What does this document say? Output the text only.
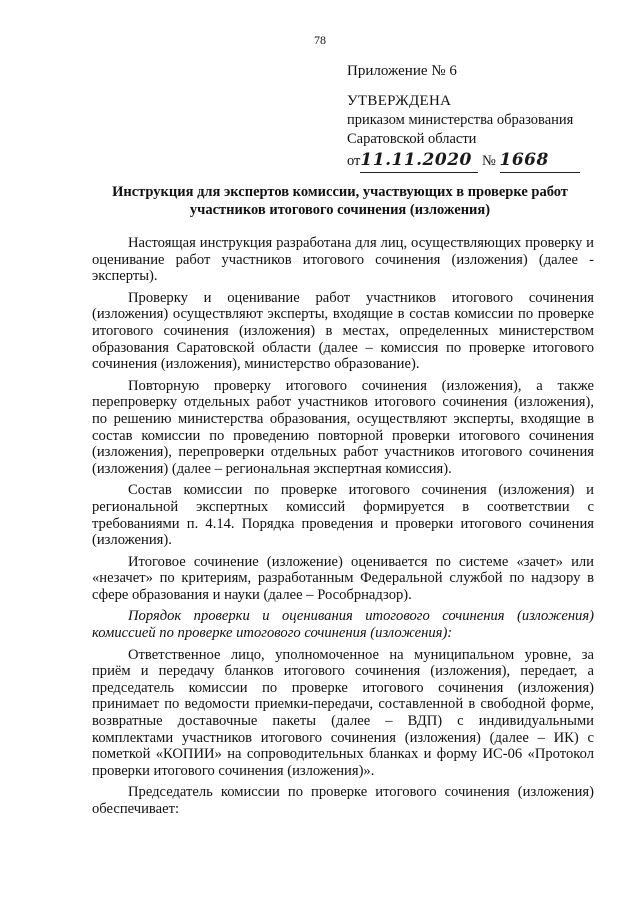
78
Приложение № 6
УТВЕРЖДЕНА
приказом министерства образования
Саратовской области
от11.11.2020 № 1668
Инструкция для экспертов комиссии, участвующих в проверке работ
участников итогового сочинения (изложения)

Настоящая инструкция разработана для лиц, осуществляющих проверку и оценивание работ участников итогового сочинения (изложения) (далее - эксперты).

Проверку и оценивание работ участников итогового сочинения (изложения) осуществляют эксперты, входящие в состав комиссии по проверке итогового сочинения (изложения) в местах, определенных министерством образования Саратовской области (далее – комиссия по проверке итогового сочинения (изложения), министерство образование).

Повторную проверку итогового сочинения (изложения), а также перепроверку отдельных работ участников итогового сочинения (изложения), по решению министерства образования, осуществляют эксперты, входящие в состав комиссии по проведению повторной проверки итогового сочинения (изложения), перепроверки отдельных работ участников итогового сочинения (изложения) (далее – региональная экспертная комиссия).

Состав комиссии по проверке итогового сочинения (изложения) и региональной экспертных комиссий формируется в соответствии с требованиями п. 4.14. Порядка проведения и проверки итогового сочинения (изложения).

Итоговое сочинение (изложение) оценивается по системе «зачет» или «незачет» по критериям, разработанным Федеральной службой по надзору в сфере образования и науки (далее – Рособрнадзор).

Порядок проверки и оценивания итогового сочинения (изложения) комиссией по проверке итогового сочинения (изложения):

Ответственное лицо, уполномоченное на муниципальном уровне, за приём и передачу бланков итогового сочинения (изложения), передает, а председатель комиссии по проверке итогового сочинения (изложения) принимает по ведомости приемки-передачи, составленной в свободной форме, возвратные доставочные пакеты (далее – ВДП) с индивидуальными комплектами участников итогового сочинения (изложения) (далее – ИК) с пометкой «КОПИИ» на сопроводительных бланках и форму ИС-06 «Протокол проверки итогового сочинения (изложения)».

Председатель комиссии по проверке итогового сочинения (изложения) обеспечивает:
